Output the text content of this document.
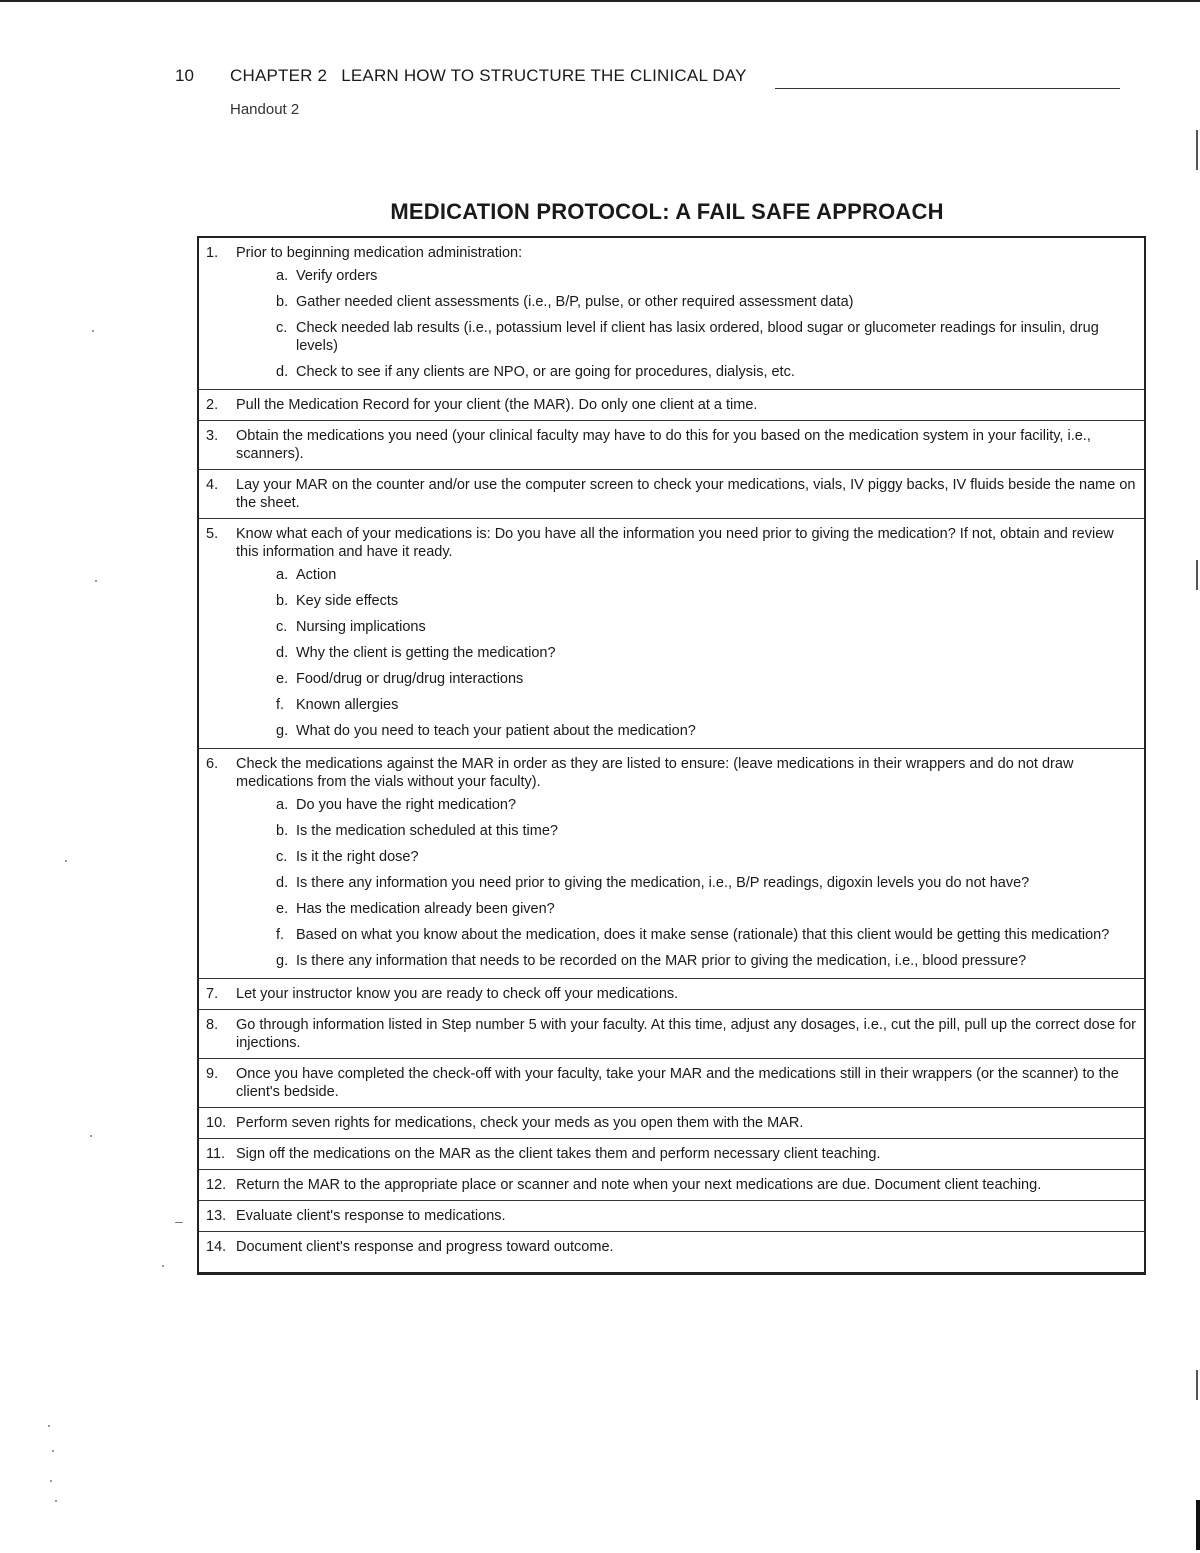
10 CHAPTER 2 LEARN HOW TO STRUCTURE THE CLINICAL DAY
Handout 2
MEDICATION PROTOCOL: A FAIL SAFE APPROACH
1.	Prior to beginning medication administration:
a. Verify orders
b. Gather needed client assessments (i.e., B/P, pulse, or other required assessment data)
c. Check needed lab results (i.e., potassium level if client has lasix ordered, blood sugar or glucometer readings for insulin, drug levels)
d. Check to see if any clients are NPO, or are going for procedures, dialysis, etc.
2.	Pull the Medication Record for your client (the MAR). Do only one client at a time.
3.	Obtain the medications you need (your clinical faculty may have to do this for you based on the medication system in your facility, i.e., scanners).
4.	Lay your MAR on the counter and/or use the computer screen to check your medications, vials, IV piggy backs, IV fluids beside the name on the sheet.
5.	Know what each of your medications is: Do you have all the information you need prior to giving the medication? If not, obtain and review this information and have it ready.
a. Action
b. Key side effects
c. Nursing implications
d. Why the client is getting the medication?
e. Food/drug or drug/drug interactions
f. Known allergies
g. What do you need to teach your patient about the medication?
6.	Check the medications against the MAR in order as they are listed to ensure: (leave medications in their wrappers and do not draw medications from the vials without your faculty).
a. Do you have the right medication?
b. Is the medication scheduled at this time?
c. Is it the right dose?
d. Is there any information you need prior to giving the medication, i.e., B/P readings, digoxin levels you do not have?
e. Has the medication already been given?
f. Based on what you know about the medication, does it make sense (rationale) that this client would be getting this medication?
g. Is there any information that needs to be recorded on the MAR prior to giving the medication, i.e., blood pressure?
7.	Let your instructor know you are ready to check off your medications.
8.	Go through information listed in Step number 5 with your faculty. At this time, adjust any dosages, i.e., cut the pill, pull up the correct dose for injections.
9.	Once you have completed the check-off with your faculty, take your MAR and the medications still in their wrappers (or the scanner) to the client's bedside.
10. Perform seven rights for medications, check your meds as you open them with the MAR.
11. Sign off the medications on the MAR as the client takes them and perform necessary client teaching.
12. Return the MAR to the appropriate place or scanner and note when your next medications are due. Document client teaching.
13. Evaluate client's response to medications.
14. Document client's response and progress toward outcome.
